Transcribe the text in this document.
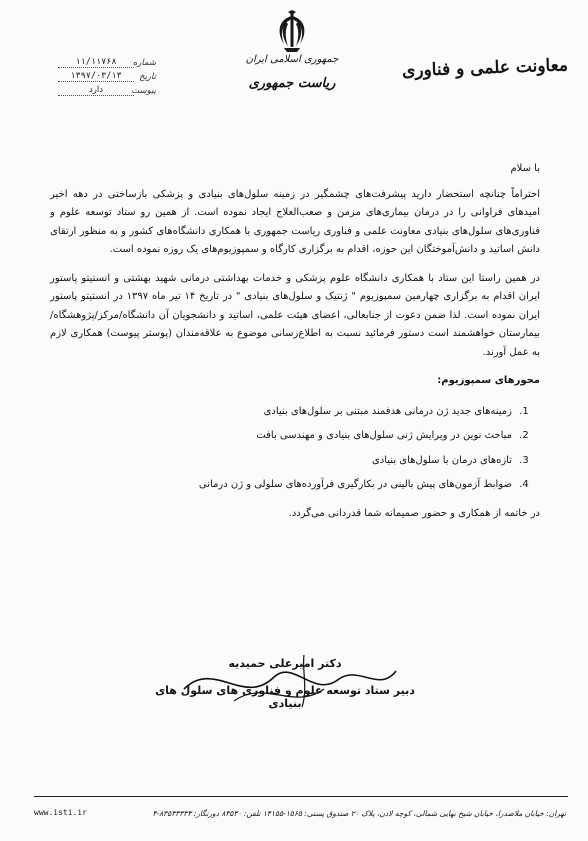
معاونت علمی و فناوری
جمهوری اسلامی ایران
ریاست جمهوری
شماره
۱۱/۱۱۷۶۸
تاریخ
۱۳۹۷/۰۳/۱۳
پیوست
دارد

با سلام

احتراماً چنانچه استحضار دارید پیشرفت‌های چشمگیر در زمینه سلول‌های بنیادی و پزشکی بازساختی در دهه اخیر امیدهای فراوانی را در درمان بیماری‌های مزمن و صعب‌العلاج ایجاد نموده است. از همین رو ستاد توسعه علوم و فناوری‌های سلول‌های بنیادی معاونت علمی و فناوری ریاست جمهوری با همکاری دانشگاه‌های کشور و به منظور ارتقای دانش اساتید و دانش‌آموختگان این حوزه، اقدام به برگزاری کارگاه و سمپوزیوم‌های یک روزه نموده است.

در همین راستا این ستاد با همکاری دانشگاه علوم پزشکی و خدمات بهداشتی درمانی شهید بهشتی و انستیتو پاستور ایران اقدام به برگزاری چهارمین سمپوزیوم " ژنتیک و سلول‌های بنیادی " در تاریخ ۱۴ تیر ماه ۱۳۹۷ در انستیتو پاستور ایران نموده است. لذا ضمن دعوت از جنابعالی، اعضای هیئت علمی، اساتید و دانشجویان آن دانشگاه/مرکز/پژوهشگاه/بیمارستان خواهشمند است دستور فرمائید نسبت به اطلاع‌رسانی موضوع به علاقه‌مندان (پوستر پیوست) همکاری لازم به عمل آورند.

محورهای سمپوزیوم:

1. زمینه‌های جدید ژن درمانی هدفمند مبتنی بر سلول‌های بنیادی
2. مباحث نوین در ویرایش ژنی سلول‌های بنیادی و مهندسی بافت
3. تازه‌های درمان با سلول‌های بنیادی
4. ضوابط آزمون‌های پیش بالینی در بکارگیری فرآورده‌های سلولی و ژن درمانی

در خاتمه از همکاری و حضور صمیمانه شما قدردانی می‌گردد.

دکتر امیرعلی حمیدیه
دبیر ستاد توسعه علوم و فناوری های سلول های بنیادی
تهران: خیابان ملاصدرا، خیابان شیخ بهایی شمالی، کوچه لادن، پلاک ۲۰ صندوق پستی: ۱۵۶۵-۱۴۱۵۵ تلفن: ۸۳۵۳۰ دورنگار: ۸۳۵۳۳۳۳۳-۴
www.isti.ir
